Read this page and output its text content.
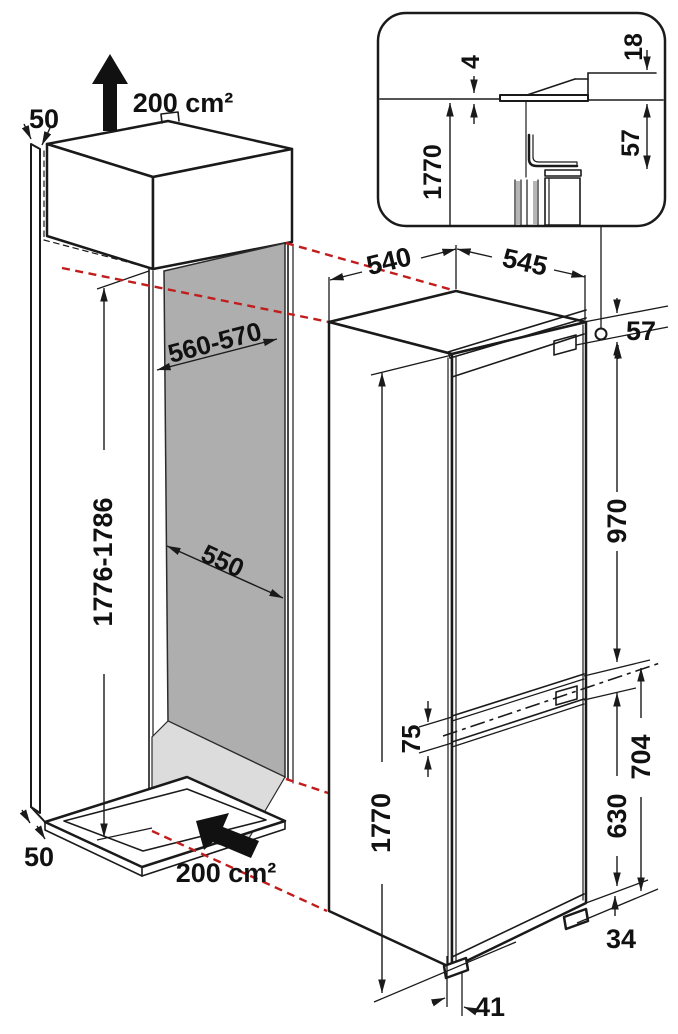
50
200 cm²
560-570
1776-1786	550
50
200 cm²
540	545
57
970
75
1770	630
704
34
41
4
18
1770
57
